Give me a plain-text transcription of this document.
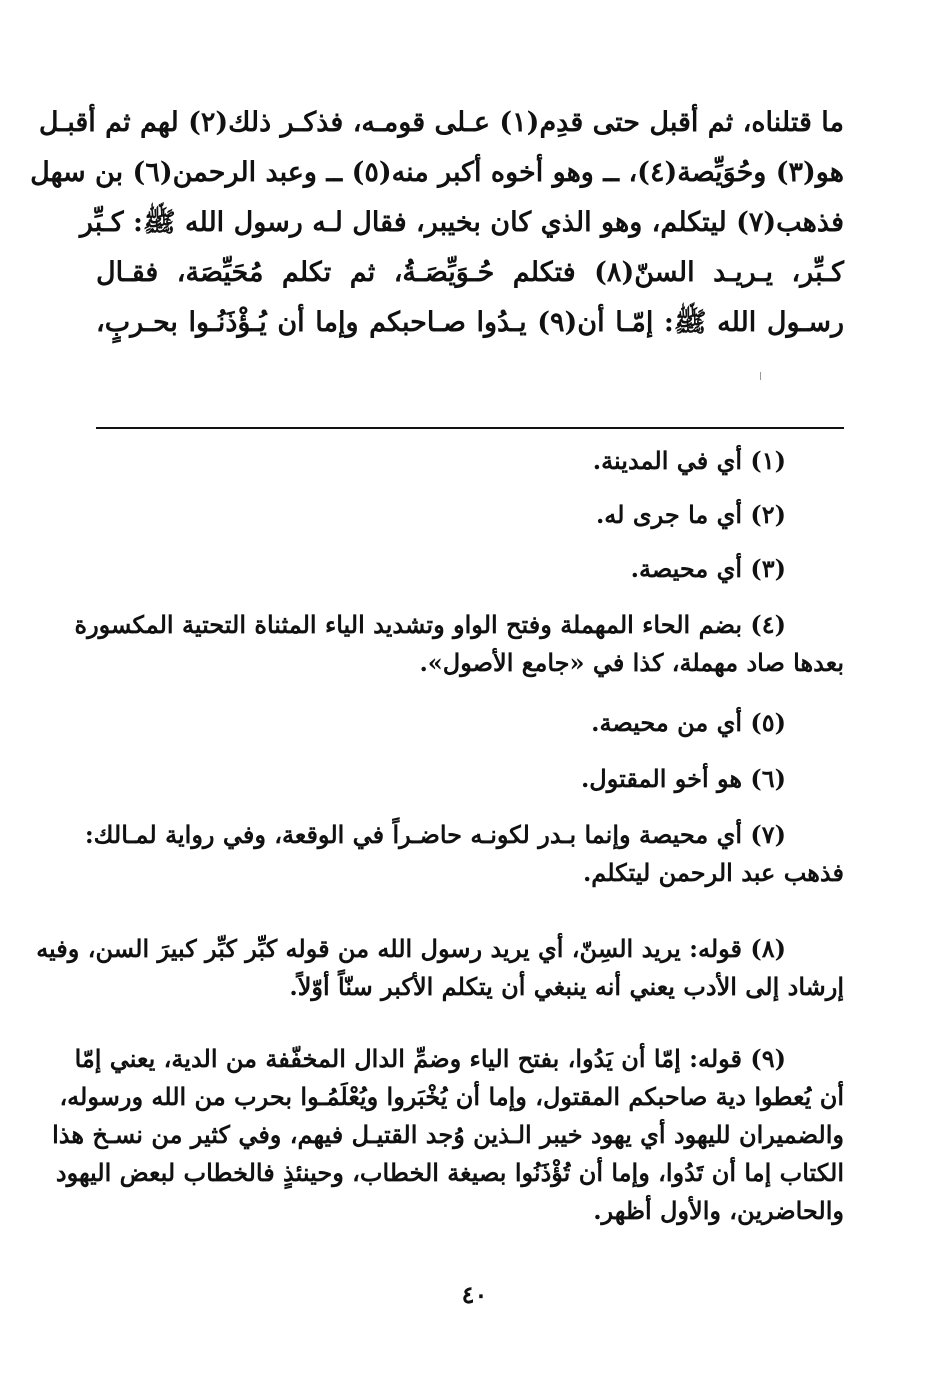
ما قتلناه، ثم أقبل حتى قدِم(١) عـلى قومـه، فذكـر ذلك(٢) لهم ثم أقبـل
هو(٣) وحُوَيِّصة(٤)، ــ وهو أخوه أكبر منه(٥) ــ وعبد الرحمن(٦) بن سهل
فذهب(٧) ليتكلم، وهو الذي كان بخيبر، فقال لـه رسول الله ﷺ: كـبِّر
كـبِّر، يـريـد السنّ(٨) فتكلم حُـوَيِّصَـةُ، ثم تكلم مُحَيِّصَة، فقـال
رسـول الله ﷺ: إمّـا أن(٩) يـدُوا صـاحبكم وإما أن يُـؤْذَنُـوا بحـربٍ،
(١) أي في المدينة.
(٢) أي ما جرى له.
(٣) أي محيصة.
(٤) بضم الحاء المهملة وفتح الواو وتشديد الياء المثناة التحتية المكسورة
بعدها صاد مهملة، كذا في «جامع الأصول».
(٥) أي من محيصة.
(٦) هو أخو المقتول.
(٧) أي محيصة وإنما بـدر لكونـه حاضـراً في الوقعة، وفي رواية لمـالك:
فذهب عبد الرحمن ليتكلم.
(٨) قوله: يريد السِنّ، أي يريد رسول الله من قوله كبِّر كبِّر كبيرَ السن، وفيه
إرشاد إلى الأدب يعني أنه ينبغي أن يتكلم الأكبر سنّاً أوّلاً.
(٩) قوله: إمّا أن يَدُوا، بفتح الياء وضمِّ الدال المخفّفة من الدية، يعني إمّا
أن يُعطوا دية صاحبكم المقتول، وإما أن يُخْبَروا ويُعْلَمُـوا بحرب من الله ورسوله،
والضميران لليهود أي يهود خيبر الـذين وُجد القتيـل فيهم، وفي كثير من نسـخ هذا
الكتاب إما أن تَدُوا، وإما أن تُؤْذَنُوا بصيغة الخطاب، وحينئذٍ فالخطاب لبعض اليهود
والحاضرين، والأول أظهر.
٤٠
